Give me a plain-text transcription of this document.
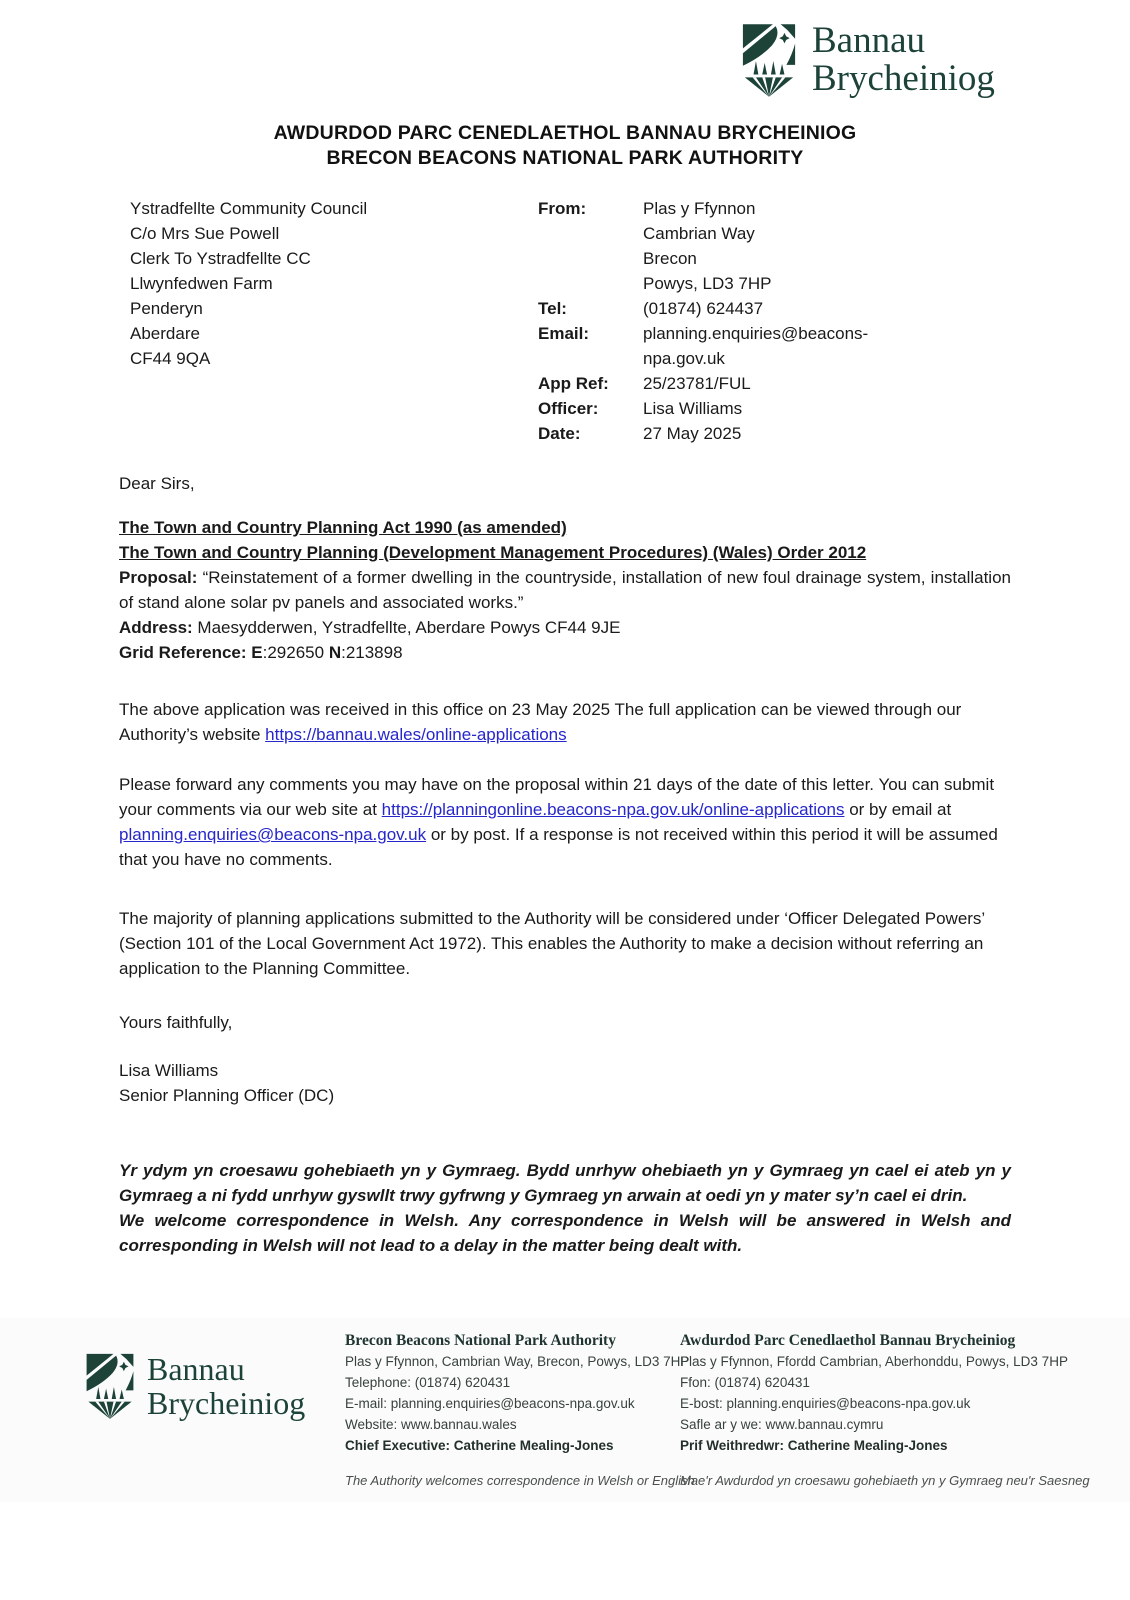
Bannau
Brycheiniog
AWDURDOD PARC CENEDLAETHOL BANNAU BRYCHEINIOG
BRECON BEACONS NATIONAL PARK AUTHORITY
Ystradfellte Community Council
C/o Mrs Sue Powell
Clerk To Ystradfellte CC
Llwynfedwen Farm
Penderyn
Aberdare
CF44 9QA
From:	Plas y Ffynnon
Cambrian Way
Brecon
Powys, LD3 7HP
Tel:	(01874) 624437
Email:	planning.enquiries@beacons-
npa.gov.uk
App Ref:	25/23781/FUL
Officer:	Lisa Williams
Date:	27 May 2025
Dear Sirs,
The Town and Country Planning Act 1990 (as amended)
The Town and Country Planning (Development Management Procedures) (Wales) Order 2012
Proposal: “Reinstatement of a former dwelling in the countryside, installation of new foul drainage system, installation of stand alone solar pv panels and associated works.”
Address: Maesydderwen, Ystradfellte, Aberdare Powys CF44 9JE
Grid Reference: E:292650 N:213898

The above application was received in this office on 23 May 2025 The full application can be viewed through our Authority’s website https://bannau.wales/online-applications

Please forward any comments you may have on the proposal within 21 days of the date of this letter. You can submit your comments via our web site at https://planningonline.beacons-npa.gov.uk/online-applications or by email at planning.enquiries@beacons-npa.gov.uk or by post. If a response is not received within this period it will be assumed that you have no comments.

The majority of planning applications submitted to the Authority will be considered under ‘Officer Delegated Powers’ (Section 101 of the Local Government Act 1972). This enables the Authority to make a decision without referring an application to the Planning Committee.

Yours faithfully,
Lisa Williams
Senior Planning Officer (DC)

Yr ydym yn croesawu gohebiaeth yn y Gymraeg. Bydd unrhyw ohebiaeth yn y Gymraeg yn cael ei ateb yn y Gymraeg a ni fydd unrhyw gyswllt trwy gyfrwng y Gymraeg yn arwain at oedi yn y mater sy’n cael ei drin.

We welcome correspondence in Welsh. Any correspondence in Welsh will be answered in Welsh and corresponding in Welsh will not lead to a delay in the matter being dealt with.

Bannau
Brycheiniog
Brecon Beacons National Park Authority
Plas y Ffynnon, Cambrian Way, Brecon, Powys, LD3 7HP
Telephone: (01874) 620431
E-mail: planning.enquiries@beacons-npa.gov.uk
Website: www.bannau.wales
Chief Executive: Catherine Mealing-Jones
The Authority welcomes correspondence in Welsh or English
Awdurdod Parc Cenedlaethol Bannau Brycheiniog
Plas y Ffynnon, Ffordd Cambrian, Aberhonddu, Powys, LD3 7HP
Ffon: (01874) 620431
E-bost: planning.enquiries@beacons-npa.gov.uk
Safle ar y we: www.bannau.cymru
Prif Weithredwr: Catherine Mealing-Jones
Mae'r Awdurdod yn croesawu gohebiaeth yn y Gymraeg neu'r Saesneg
